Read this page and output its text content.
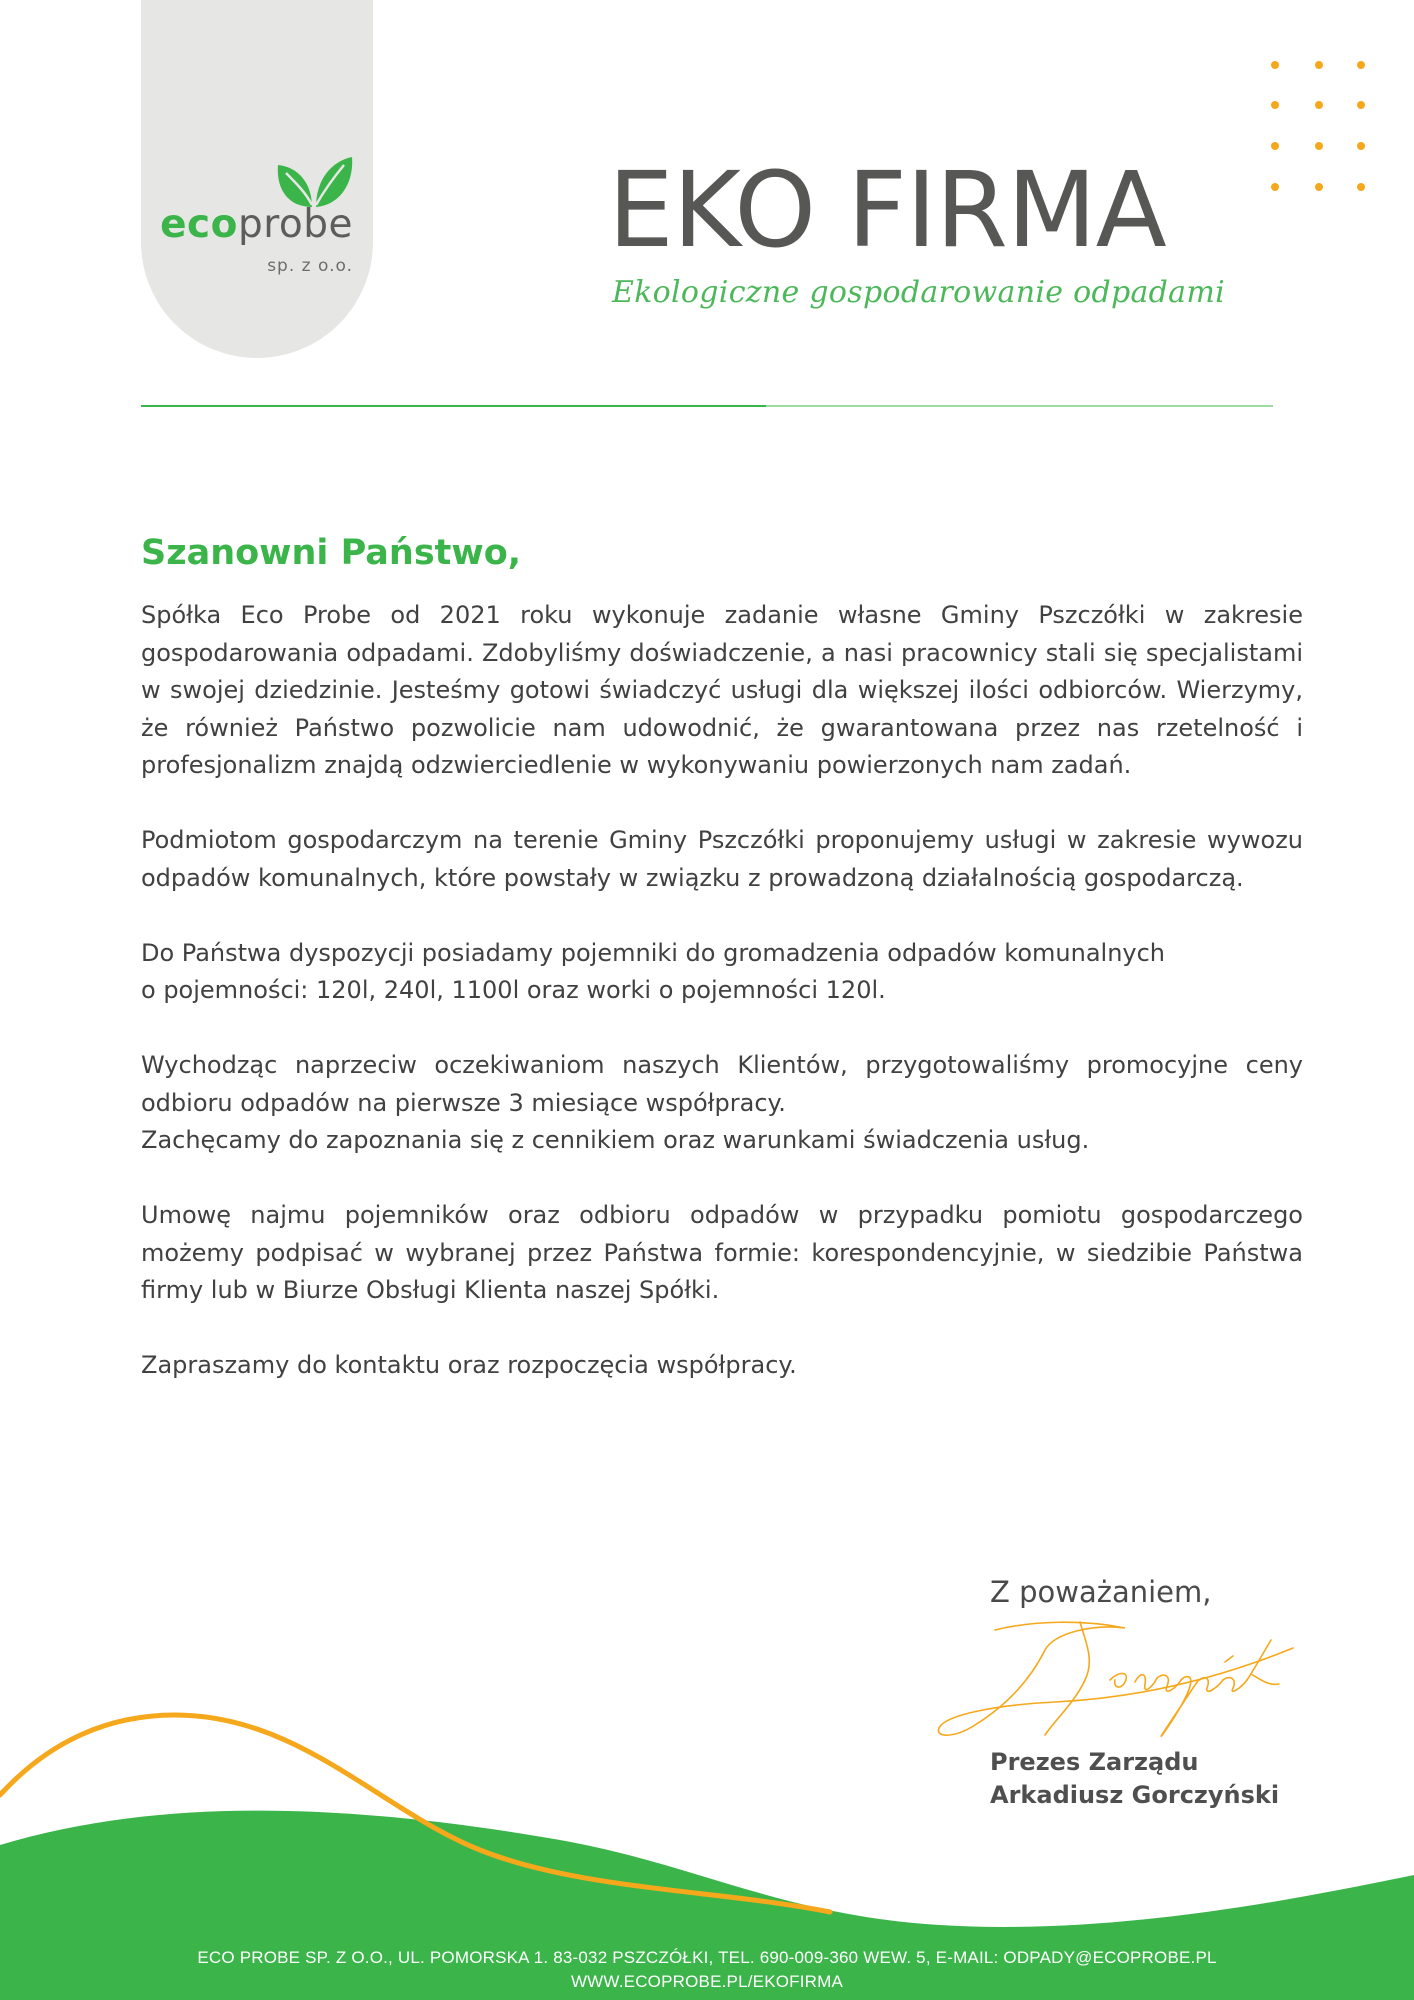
ecoprobe
sp. z o.o. EKO FIRMA
Ekologiczne gospodarowanie odpadami
Szanowni Państwo,

Spółka Eco Probe od 2021 roku wykonuje zadanie własne Gminy Pszczółki w zakresie gospodarowania odpadami. Zdobyliśmy doświadczenie, a nasi pracownicy stali się specjalistami w swojej dziedzinie. Jesteśmy gotowi świadczyć usługi dla większej ilości odbiorców. Wierzymy, że również Państwo pozwolicie nam udowodnić, że gwarantowana przez nas rzetelność i profesjonalizm znajdą odzwierciedlenie w wykonywaniu powierzonych nam zadań.

Podmiotom gospodarczym na terenie Gminy Pszczółki proponujemy usługi w zakresie wywozu odpadów komunalnych, które powstały w związku z prowadzoną działalnością gospodarczą.

Do Państwa dyspozycji posiadamy pojemniki do gromadzenia odpadów komunalnych
o pojemności: 120l, 240l, 1100l oraz worki o pojemności 120l.

Wychodząc naprzeciw oczekiwaniom naszych Klientów, przygotowaliśmy promocyjne ceny odbioru odpadów na pierwsze 3 miesiące współpracy.
Zachęcamy do zapoznania się z cennikiem oraz warunkami świadczenia usług.

Umowę najmu pojemników oraz odbioru odpadów w przypadku pomiotu gospodarczego możemy podpisać w wybranej przez Państwa formie: korespondencyjnie, w siedzibie Państwa firmy lub w Biurze Obsługi Klienta naszej Spółki.

Zapraszamy do kontaktu oraz rozpoczęcia współpracy.

Z poważaniem,
Prezes Zarządu
Arkadiusz Gorczyński
ECO PROBE SP. Z O.O., UL. POMORSKA 1. 83-032 PSZCZÓŁKI, TEL. 690-009-360 WEW. 5, E-MAIL: ODPADY@ECOPROBE.PL
WWW.ECOPROBE.PL/EKOFIRMA
